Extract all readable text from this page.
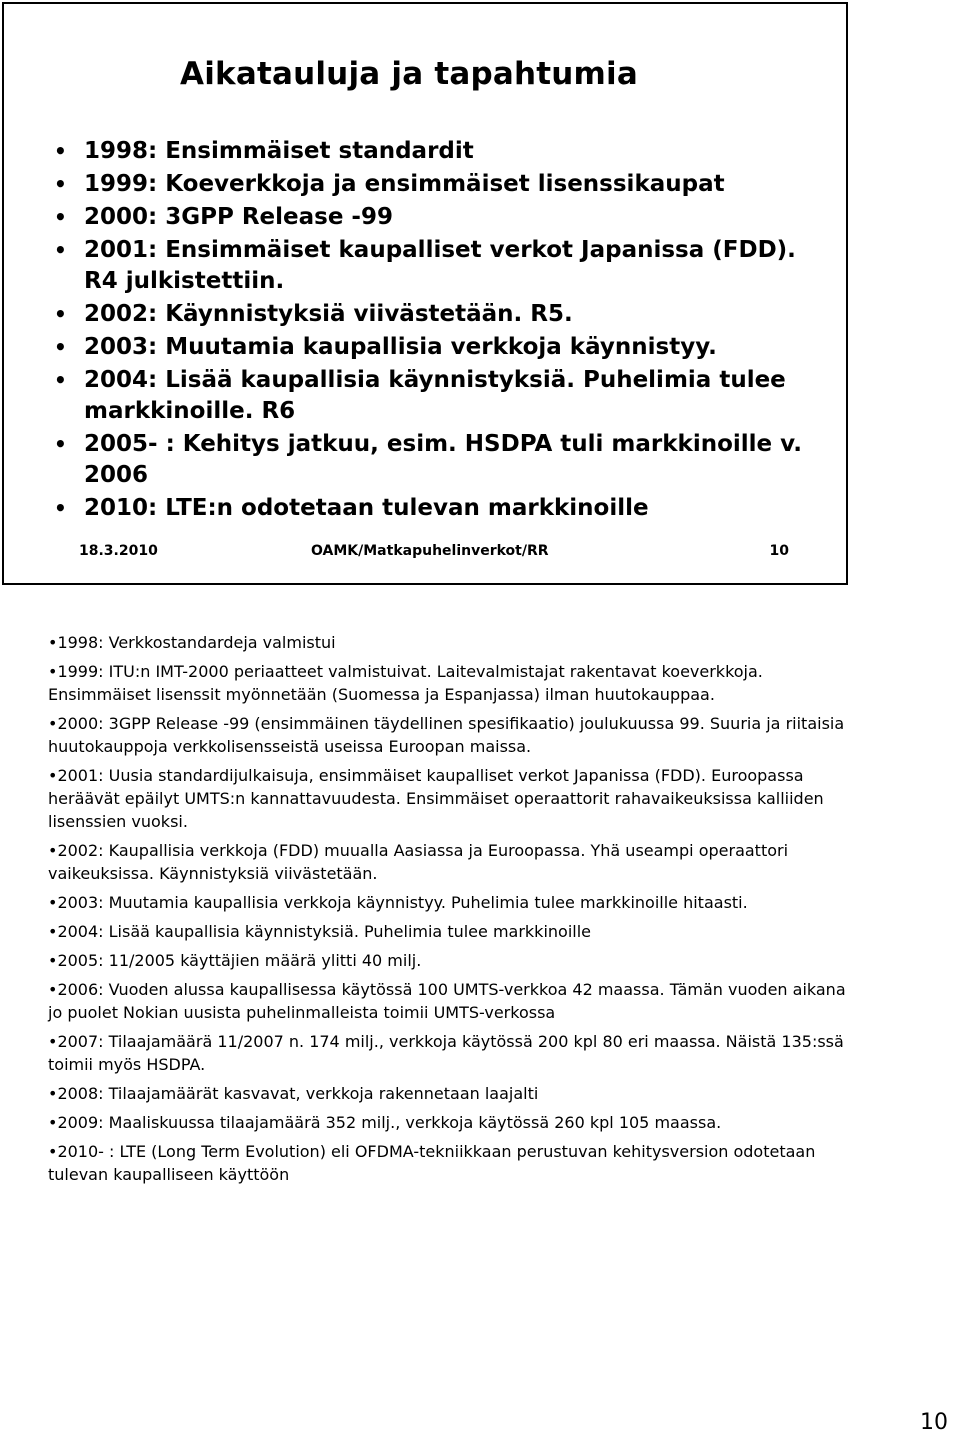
Aikatauluja ja tapahtumia
• 1998: Ensimmäiset standardit
• 1999: Koeverkkoja ja ensimmäiset lisenssikaupat
• 2000: 3GPP Release -99
• 2001: Ensimmäiset kaupalliset verkot Japanissa (FDD). R4 julkistettiin.
• 2002: Käynnistyksiä viivästetään. R5.
• 2003: Muutamia kaupallisia verkkoja käynnistyy.
• 2004: Lisää kaupallisia käynnistyksiä. Puhelimia tulee markkinoille. R6
• 2005- : Kehitys jatkuu, esim. HSDPA tuli markkinoille v. 2006
• 2010: LTE:n odotetaan tulevan markkinoille
18.3.2010	OAMK/Matkapuhelinverkot/RR	10
•1998: Verkkostandardeja valmistui
•1999: ITU:n IMT-2000 periaatteet valmistuivat. Laitevalmistajat rakentavat koeverkkoja. Ensimmäiset lisenssit myönnetään (Suomessa ja Espanjassa) ilman huutokauppaa.
•2000: 3GPP Release -99 (ensimmäinen täydellinen spesifikaatio) joulukuussa 99. Suuria ja riitaisia huutokauppoja verkkolisensseistä useissa Euroopan maissa.
•2001: Uusia standardijulkaisuja, ensimmäiset kaupalliset verkot Japanissa (FDD). Euroopassa heräävät epäilyt UMTS:n kannattavuudesta. Ensimmäiset operaattorit rahavaikeuksissa kalliiden lisenssien vuoksi.
•2002: Kaupallisia verkkoja (FDD) muualla Aasiassa ja Euroopassa. Yhä useampi operaattori vaikeuksissa. Käynnistyksiä viivästetään.
•2003: Muutamia kaupallisia verkkoja käynnistyy. Puhelimia tulee markkinoille hitaasti.
•2004: Lisää kaupallisia käynnistyksiä. Puhelimia tulee markkinoille
•2005: 11/2005 käyttäjien määrä ylitti 40 milj.
•2006: Vuoden alussa kaupallisessa käytössä 100 UMTS-verkkoa 42 maassa. Tämän vuoden aikana jo puolet Nokian uusista puhelinmalleista toimii UMTS-verkossa
•2007: Tilaajamäärä 11/2007 n. 174 milj., verkkoja käytössä 200 kpl 80 eri maassa. Näistä 135:ssä toimii myös HSDPA.
•2008: Tilaajamäärät kasvavat, verkkoja rakennetaan laajalti
•2009: Maaliskuussa tilaajamäärä 352 milj., verkkoja käytössä 260 kpl 105 maassa.
•2010- : LTE (Long Term Evolution) eli OFDMA-tekniikkaan perustuvan kehitysversion odotetaan tulevan kaupalliseen käyttöön
10
